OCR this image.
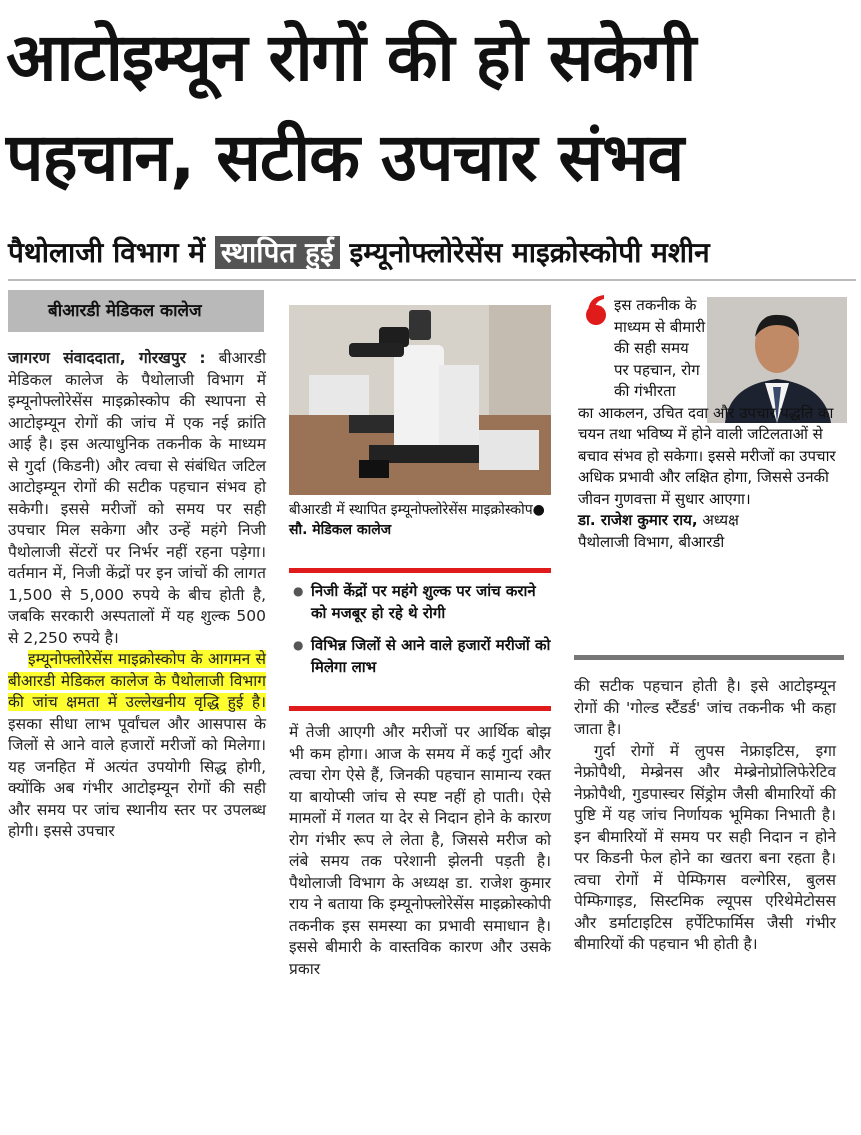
आटोइम्यून रोगों की हो सकेगी
पहचान, सटीक उपचार संभव
पैथोलाजी विभाग में स्थापित हुई इम्यूनोफ्लोरेसेंस माइक्रोस्कोपी मशीन
बीआरडी मेडिकल कालेज

जागरण संवाददाता, गोरखपुर : बीआरडी मेडिकल कालेज के पैथोलाजी विभाग में इम्यूनोफ्लोरेसेंस माइक्रोस्कोप की स्थापना से आटोइम्यून रोगों की जांच में एक नई क्रांति आई है। इस अत्याधुनिक तकनीक के माध्यम से गुर्दा (किडनी) और त्वचा से संबंधित जटिल आटोइम्यून रोगों की सटीक पहचान संभव हो सकेगी। इससे मरीजों को समय पर सही उपचार मिल सकेगा और उन्हें महंगे निजी पैथोलाजी सेंटरों पर निर्भर नहीं रहना पड़ेगा। वर्तमान में, निजी केंद्रों पर इन जांचों की लागत 1,500 से 5,000 रुपये के बीच होती है, जबकि सरकारी अस्पतालों में यह शुल्क 500 से 2,250 रुपये है।

इम्यूनोफ्लोरेसेंस माइक्रोस्कोप के आगमन से बीआरडी मेडिकल कालेज के पैथोलाजी विभाग की जांच क्षमता में उल्लेखनीय वृद्धि हुई है। इसका सीधा लाभ पूर्वांचल और आसपास के जिलों से आने वाले हजारों मरीजों को मिलेगा। यह जनहित में अत्यंत उपयोगी सिद्ध होगी, क्योंकि अब गंभीर आटोइम्यून रोगों की सही और समय पर जांच स्थानीय स्तर पर उपलब्ध होगी। इससे उपचार

बीआरडी में स्थापित इम्यूनोफ्लोरेसेंस माइक्रोस्कोप● सौ. मेडिकल कालेज
● निजी केंद्रों पर महंगे शुल्क पर जांच कराने को मजबूर हो रहे थे रोगी
● विभिन्न जिलों से आने वाले हजारों मरीजों को मिलेगा लाभ

में तेजी आएगी और मरीजों पर आर्थिक बोझ भी कम होगा। आज के समय में कई गुर्दा और त्वचा रोग ऐसे हैं, जिनकी पहचान सामान्य रक्त या बायोप्सी जांच से स्पष्ट नहीं हो पाती। ऐसे मामलों में गलत या देर से निदान होने के कारण रोग गंभीर रूप ले लेता है, जिससे मरीज को लंबे समय तक परेशानी झेलनी पड़ती है। पैथोलाजी विभाग के अध्यक्ष डा. राजेश कुमार राय ने बताया कि इम्यूनोफ्लोरेसेंस माइक्रोस्कोपी तकनीक इस समस्या का प्रभावी समाधान है। इससे बीमारी के वास्तविक कारण और उसके प्रकार

इस तकनीक के माध्यम से बीमारी की सही समय पर पहचान, रोग की गंभीरता
का आकलन, उचित दवा और उपचार पद्धति का चयन तथा भविष्य में होने वाली जटिलताओं से बचाव संभव हो सकेगा। इससे मरीजों का उपचार अधिक प्रभावी और लक्षित होगा, जिससे उनकी जीवन गुणवत्ता में सुधार आएगा।
डा. राजेश कुमार राय, अध्यक्ष
पैथोलाजी विभाग, बीआरडी

की सटीक पहचान होती है। इसे आटोइम्यून रोगों की 'गोल्ड स्टैंडर्ड' जांच तकनीक भी कहा जाता है।

गुर्दा रोगों में लुपस नेफ्राइटिस, इगा नेफ्रोपैथी, मेम्ब्रेनस और मेम्ब्रेनोप्रोलिफेरेटिव नेफ्रोपैथी, गुडपास्चर सिंड्रोम जैसी बीमारियों की पुष्टि में यह जांच निर्णायक भूमिका निभाती है। इन बीमारियों में समय पर सही निदान न होने पर किडनी फेल होने का खतरा बना रहता है। त्वचा रोगों में पेम्फिगस वल्गेरिस, बुलस पेम्फिगाइड, सिस्टमिक ल्यूपस एरिथेमेटोसस और डर्माटाइटिस हर्पेटिफार्मिस जैसी गंभीर बीमारियों की पहचान भी होती है।
